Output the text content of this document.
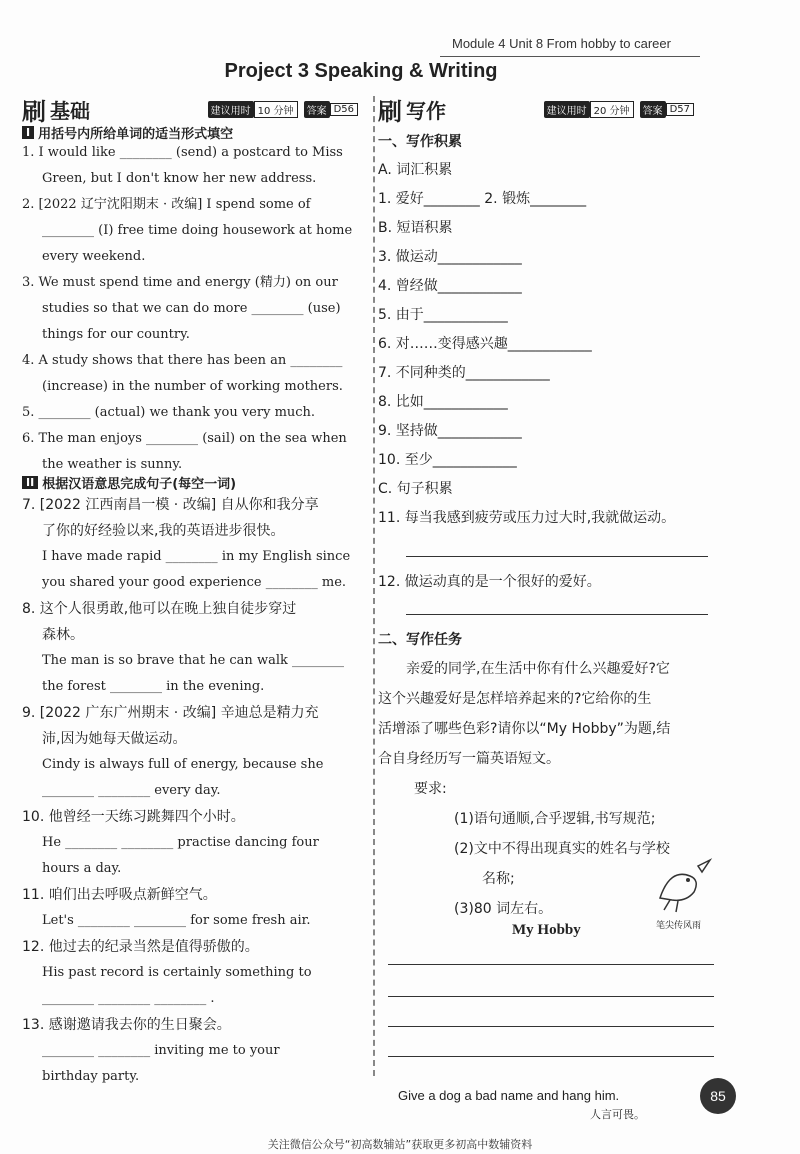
Module 4 Unit 8 From hobby to career
Project 3 Speaking & Writing
刷 基础	建议用时 10 分钟	答案 D56
I 用括号内所给单词的适当形式填空
1. I would like ________ (send) a postcard to Miss
Green, but I don't know her new address.
2. [2022 辽宁沈阳期末 · 改编] I spend some of
________ (I) free time doing housework at home
every weekend.
3. We must spend time and energy (精力) on our
studies so that we can do more ________ (use)
things for our country.
4. A study shows that there has been an ________
(increase) in the number of working mothers.
5. ________ (actual) we thank you very much.
6. The man enjoys ________ (sail) on the sea when
the weather is sunny.
II 根据汉语意思完成句子(每空一词)
7. [2022 江西南昌一模 · 改编] 自从你和我分享
了你的好经验以来,我的英语进步很快。
I have made rapid ________ in my English since
you shared your good experience ________ me.
8. 这个人很勇敢,他可以在晚上独自徒步穿过
森林。
The man is so brave that he can walk ________
the forest ________ in the evening.
9. [2022 广东广州期末 · 改编] 辛迪总是精力充
沛,因为她每天做运动。
Cindy is always full of energy, because she
________ ________ every day.
10. 他曾经一天练习跳舞四个小时。
He ________ ________ practise dancing four
hours a day.
11. 咱们出去呼吸点新鲜空气。
Let's ________ ________ for some fresh air.
12. 他过去的纪录当然是值得骄傲的。
His past record is certainly something to
________ ________ ________ .
13. 感谢邀请我去你的生日聚会。
________ ________ inviting me to your
birthday party.
刷 写作	建议用时 20 分钟	答案 D57
一、写作积累
A. 词汇积累
1. 爱好________ 2. 锻炼________
B. 短语积累
3. 做运动____________
4. 曾经做____________
5. 由于____________
6. 对……变得感兴趣____________
7. 不同种类的____________
8. 比如____________
9. 坚持做____________
10. 至少____________
C. 句子积累
11. 每当我感到疲劳或压力过大时,我就做运动。
12. 做运动真的是一个很好的爱好。
二、写作任务
亲爱的同学,在生活中你有什么兴趣爱好?它
这个兴趣爱好是怎样培养起来的?它给你的生
活增添了哪些色彩?请你以“My Hobby”为题,结
合自身经历写一篇英语短文。
要求:
(1)语句通顺,合乎逻辑,书写规范;
(2)文中不得出现真实的姓名与学校
名称;
(3)80 词左右。
笔尖传风雨
My Hobby
Give a dog a bad name and hang him.
人言可畏。
85
关注微信公众号“初高数辅站”获取更多初高中数辅资料
